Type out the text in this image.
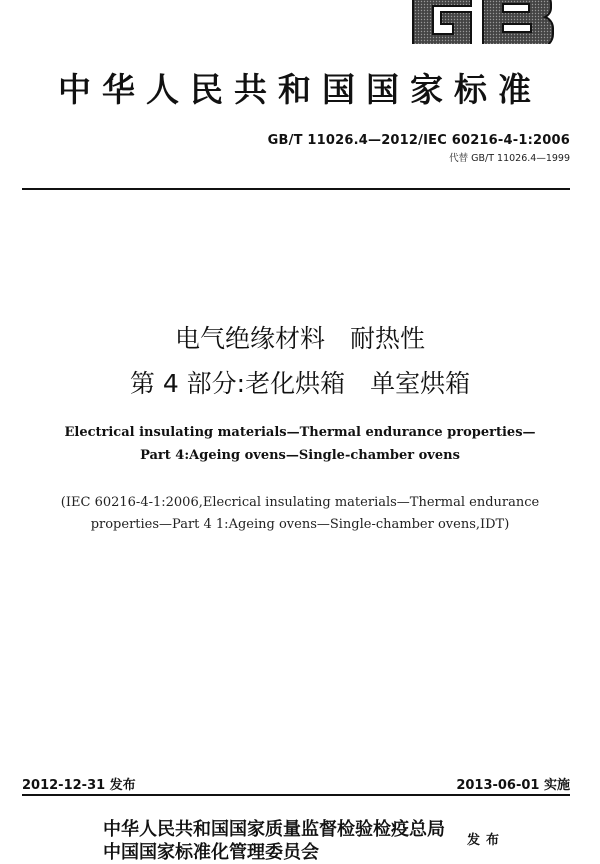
中华人民共和国国家标准
GB/T 11026.4—2012/IEC 60216-4-1:2006
代替 GB/T 11026.4—1999
电气绝缘材料　耐热性
第 4 部分:老化烘箱　单室烘箱
Electrical insulating materials—Thermal endurance properties—
Part 4:Ageing ovens—Single-chamber ovens
(IEC 60216-4-1:2006,Elecrical insulating materials—Thermal endurance
properties—Part 4 1:Ageing ovens—Single-chamber ovens,IDT)
2012-12-31 发布	2013-06-01 实施
中华人民共和国国家质量监督检验检疫总局
中国国家标准化管理委员会
发布
